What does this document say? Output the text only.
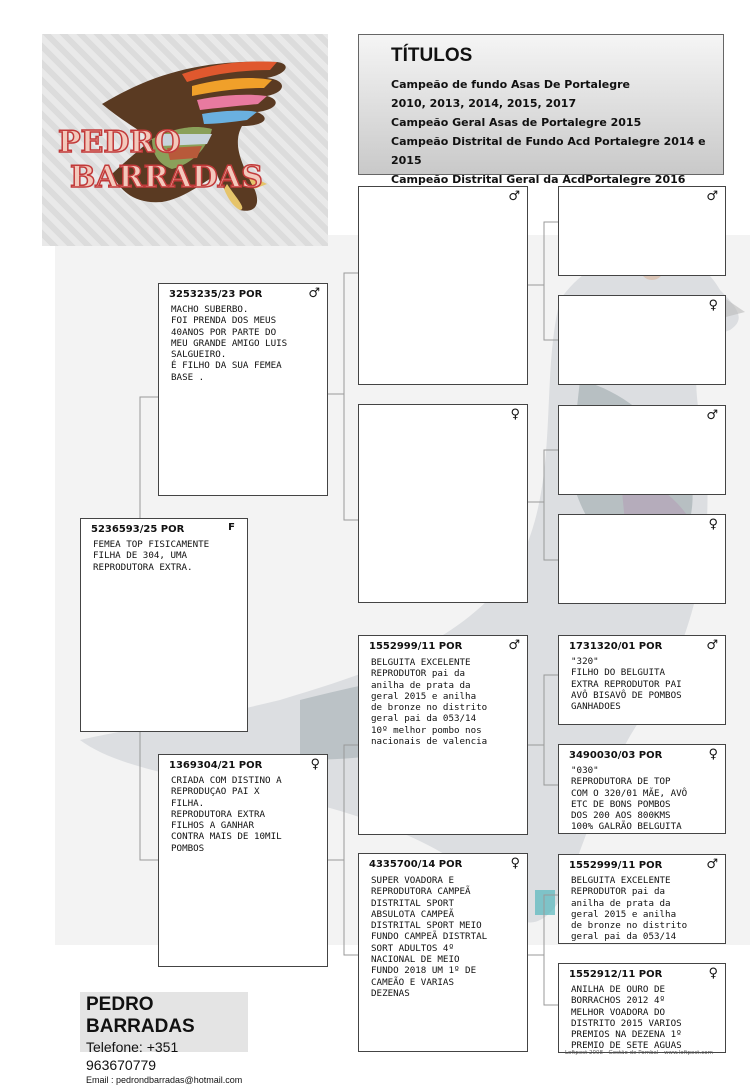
PEDRO
BARRADAS
TÍTULOS
Campeão de fundo Asas De Portalegre
2010, 2013, 2014, 2015, 2017
Campeão Geral Asas de Portalegre 2015
Campeão Distrital de Fundo Acd Portalegre 2014 e 2015
Campeão Distrital Geral da AcdPortalegre 2016
5236593/25 POR	F
FEMEA TOP FISICAMENTE
FILHA DE 304, UMA
REPRODUTORA EXTRA.
3253235/23 POR	♂
MACHO SUBERBO.
FOI PRENDA DOS MEUS
40ANOS POR PARTE DO
MEU GRANDE AMIGO LUIS
SALGUEIRO.
É FILHO DA SUA FEMEA
BASE .
1369304/21 POR	♀
CRIADA COM DISTINO A
REPRODUÇAO PAI X
FILHA.
REPRODUTORA EXTRA
FILHOS A GANHAR
CONTRA MAIS DE 10MIL
POMBOS
♂
♀
1552999/11 POR	♂
BELGUITA EXCELENTE
REPRODUTOR pai da
anilha de prata da
geral 2015 e anilha
de bronze no distrito
geral pai da 053/14
10º melhor pombo nos
nacionais de valencia
4335700/14 POR	♀
SUPER VOADORA E
REPRODUTORA CAMPEÃ
DISTRITAL SPORT
ABSULOTA CAMPEÃ
DISTRITAL SPORT MEIO
FUNDO CAMPEÃ DISTRTAL
SORT ADULTOS 4º
NACIONAL DE MEIO
FUNDO 2018 UM 1º DE
CAMEÃO E VARIAS
DEZENAS
♂
♀
♂
♀
1731320/01 POR	♂
"320"
FILHO DO BELGUITA
EXTRA REPRODUTOR PAI
AVÔ BISAVÔ DE POMBOS
GANHADOES
3490030/03 POR	♀
"030"
REPRODUTORA DE TOP
COM O 320/01 MÃE, AVÔ
ETC DE BONS POMBOS
DOS 200 AOS 800KMS
100% GALRÃO BELGUITA
1552999/11 POR	♂
BELGUITA EXCELENTE
REPRODUTOR pai da
anilha de prata da
geral 2015 e anilha
de bronze no distrito
geral pai da 053/14
1552912/11 POR	♀
ANILHA DE OURO DE
BORRACHOS 2012 4º
MELHOR VOADORA DO
DISTRITO 2015 VARIOS
PREMIOS NA DEZENA 1º
PREMIO DE SETE AGUAS
PEDRO BARRADAS
Telefone: +351 963670779
Email : pedrondbarradas@hotmail.com
Loftpest 2008 - Gestão de Pombal - www.loftpest.com
